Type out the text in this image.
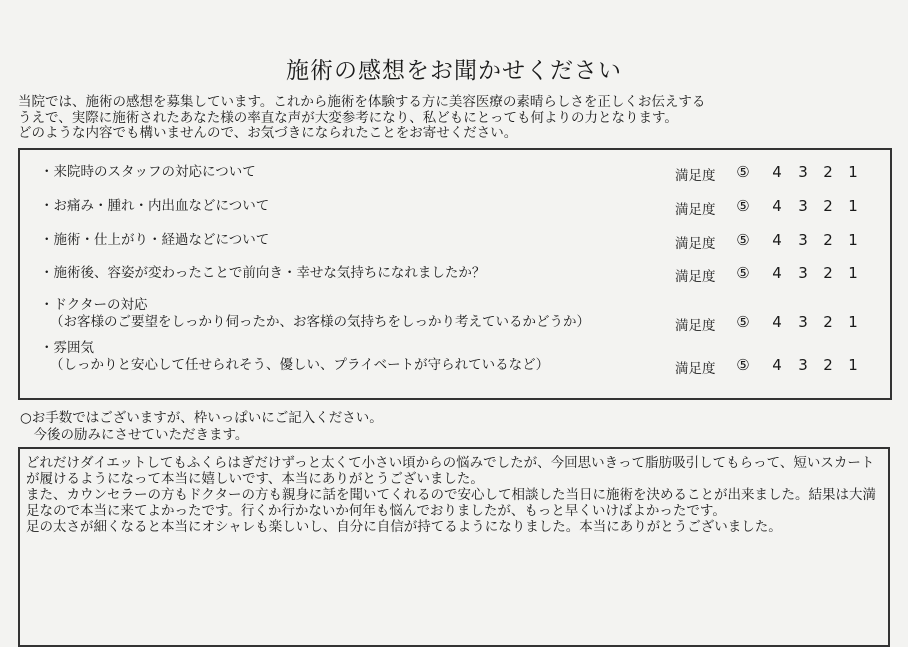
施術の感想をお聞かせください
当院では、施術の感想を募集しています。これから施術を体験する方に美容医療の素晴らしさを正しくお伝えする
うえで、実際に施術されたあなた様の率直な声が大変参考になり、私どもにとっても何よりの力となります。
どのような内容でも構いませんので、お気づきになられたことをお寄せください。
・来院時のスタッフの対応について	満足度 ⑤	4	3	2	1
・お痛み・腫れ・内出血などについて	満足度 ⑤	4	3	2	1
・施術・仕上がり・経過などについて	満足度 ⑤	4	3	2	1
・施術後、容姿が変わったことで前向き・幸せな気持ちになれましたか？	満足度 ⑤	4	3	2	1
・ドクターの対応
（お客様のご要望をしっかり伺ったか、お客様の気持ちをしっかり考えているかどうか）	満足度 ⑤	4	3	2	1
・雰囲気
（しっかりと安心して任せられそう、優しい、プライベートが守られているなど）	満足度 ⑤	4	3	2	1
○お手数ではございますが、枠いっぱいにご記入ください。
　今後の励みにさせていただきます。

どれだけダイエットしてもふくらはぎだけずっと太くて小さい頃からの悩みでしたが、今回思いきって脂肪吸引してもらって、短いスカートが履けるようになって本当に嬉しいです、本当にありがとうございました。

また、カウンセラーの方もドクターの方も親身に話を聞いてくれるので安心して相談した当日に施術を決めることが出来ました。結果は大満足なので本当に来てよかったです。行くか行かないか何年も悩んでおりましたが、もっと早くいけばよかったです。

足の太さが細くなると本当にオシャレも楽しいし、自分に自信が持てるようになりました。本当にありがとうございました。
